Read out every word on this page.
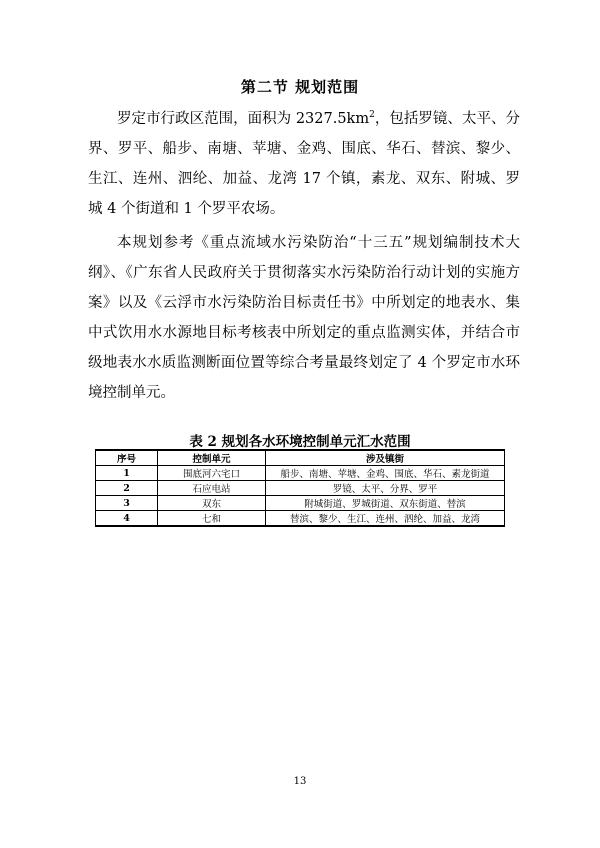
第二节 规划范围

罗定市行政区范围，面积为 $2327.5km^2$，包括罗镜、太平、分界、罗平、船步、南塘、苹塘、金鸡、围底、华石、替滨、黎少、生江、连州、泗纶、加益、龙湾 17 个镇，素龙、双东、附城、罗城 4 个街道和 1 个罗平农场。

本规划参考《重点流域水污染防治“十三五”规划编制技术大纲》、《广东省人民政府关于贯彻落实水污染防治行动计划的实施方案》以及《云浮市水污染防治目标责任书》中所划定的地表水、集中式饮用水水源地目标考核表中所划定的重点监测实体，并结合市级地表水水质监测断面位置等综合考量最终划定了 4 个罗定市水环境控制单元。

表 2 规划各水环境控制单元汇水范围
序号	控制单元	涉及镇街
1	围底河六宅口	船步、南塘、苹塘、金鸡、围底、华石、素龙街道
2	石应电站	罗镜、太平、分界、罗平
3	双东	附城街道、罗城街道、双东街道、替滨
4	七和	替滨、黎少、生江、连州、泗纶、加益、龙湾
13
